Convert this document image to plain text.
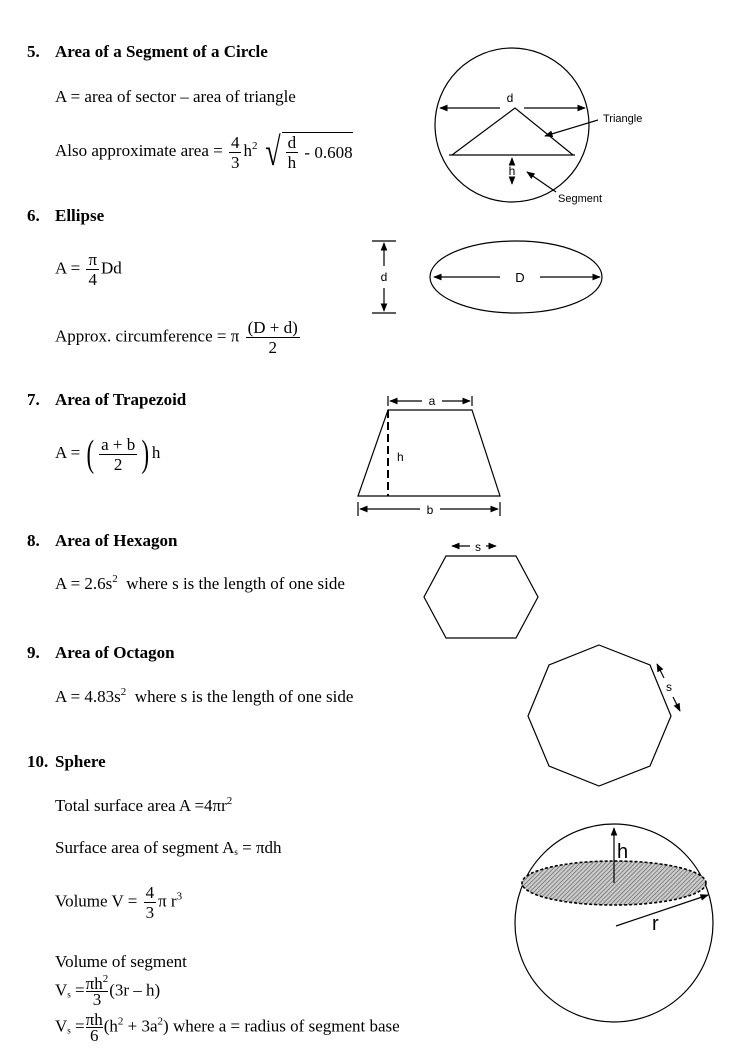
5. Area of a Segment of a Circle
A = area of sector – area of triangle
Also approximate area = $\frac{4}{3} h^2$ √ $\frac{d}{h}$
- 0.608
6. Ellipse
$A = \frac{\pi}{4}$ Dd
Approx. circumference = π $\frac{(D + d)}{2}$
7. Area of Trapezoid
A = ( $\frac{a + b}{2}$ ) h
8. Area of Hexagon
$A = 2.6s^2$ where s is the length of one side
9. Area of Octagon
$A = 4.83s^2$ where s is the length of one side
10. Sphere
Total surface area $A =4\pi r^2$
Surface area of segment $A_s = \pi dh$
Volume $V = \frac{4}{3}$ π $r^3$
Volume of segment
$V_s = \frac{\pi h^2}{3} (3r - h)$
$V_s = \frac{\pi h}{6} (h^2 + 3a^2)$ where a = radius of segment base
d
h
Triangle
Segment
d	D
a
b
h
s
s
h
r
